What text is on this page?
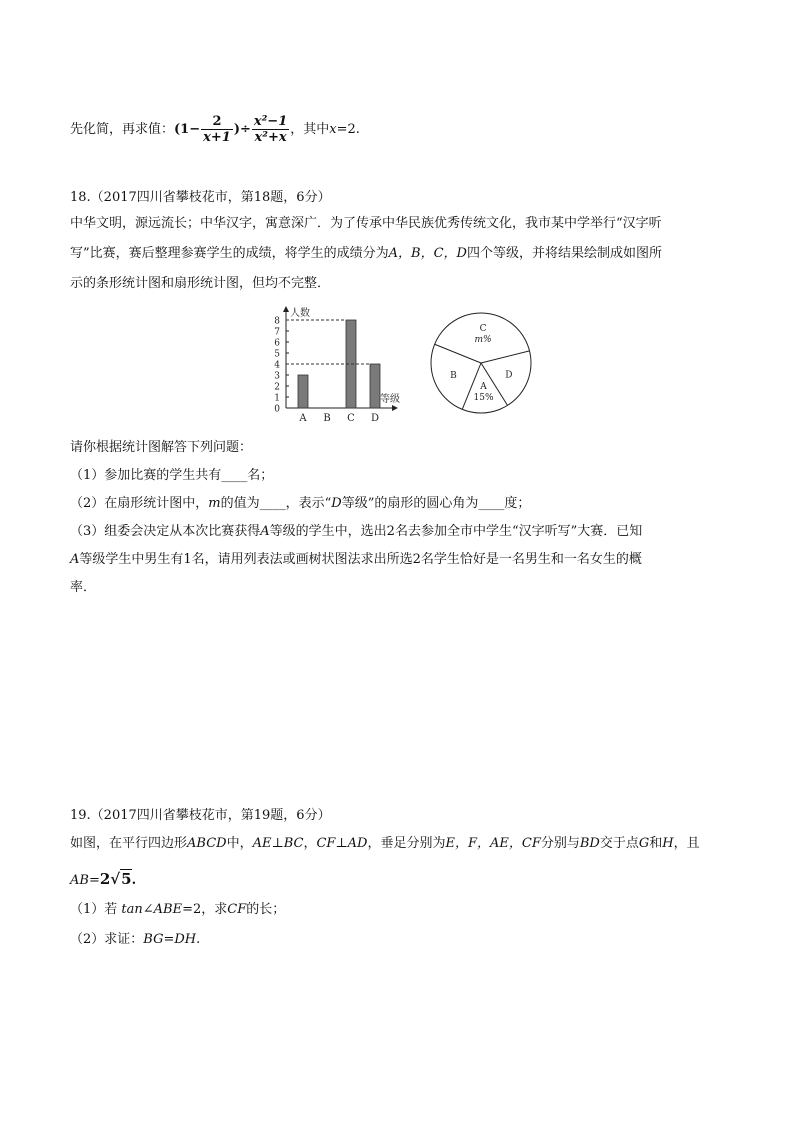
先化简，再求值：($1- \frac{2}{x+1}$ )÷ $\frac{\text{x²−1}}{\text{x²+x}}$ ，其中x=2.
18.（2017四川省攀枝花市，第18题，6分）
中华文明，源远流长；中华汉字，寓意深广．为了传承中华民族优秀传统文化，我市某中学举行“汉字听
写”比赛，赛后整理参赛学生的成绩，将学生的成绩分为A，B，C，D四个等级，并将结果绘制成如图所
示的条形统计图和扇形统计图，但均不完整．
0
1
2
3
4
5
6
7
8
人数
等级
A B C D
C
m%
D
A
15%
B
请你根据统计图解答下列问题：
（1）参加比赛的学生共有____名；
（2）在扇形统计图中，m的值为____，表示“D等级”的扇形的圆心角为____度；
（3）组委会决定从本次比赛获得A等级的学生中，选出2名去参加全市中学生“汉字听写”大赛．已知
A等级学生中男生有1名，请用列表法或画树状图法求出所选2名学生恰好是一名男生和一名女生的概
率．
19.（2017四川省攀枝花市，第19题，6分）
如图，在平行四边形ABCD中，AE⊥BC，CF⊥AD，垂足分别为E，F，AE，CF分别与BD交于点G和H，且
AB=2√5.
（1）若 tan∠ABE=2，求CF的长；
（2）求证：BG=DH.
